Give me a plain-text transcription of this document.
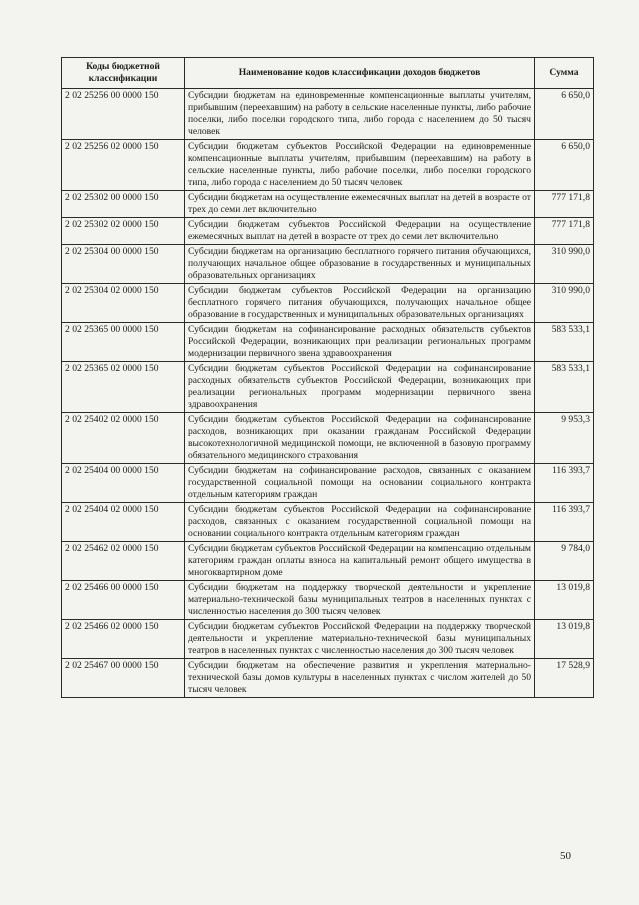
Коды бюджетной классификации	Наименование кодов классификации доходов бюджетов	Сумма
2 02 25256 00 0000 150	Субсидии бюджетам на единовременные компенсационные выплаты учителям, прибывшим (переехавшим) на работу в сельские населенные пункты, либо рабочие поселки, либо поселки городского типа, либо города с населением до 50 тысяч человек	6 650,0
2 02 25256 02 0000 150	Субсидии бюджетам субъектов Российской Федерации на единовременные компенсационные выплаты учителям, прибывшим (переехавшим) на работу в сельские населенные пункты, либо рабочие поселки, либо поселки городского типа, либо города с населением до 50 тысяч человек	6 650,0
2 02 25302 00 0000 150	Субсидии бюджетам на осуществление ежемесячных выплат на детей в возрасте от трех до семи лет включительно	777 171,8
2 02 25302 02 0000 150	Субсидии бюджетам субъектов Российской Федерации на осуществление ежемесячных выплат на детей в возрасте от трех до семи лет включительно	777 171,8
2 02 25304 00 0000 150	Субсидии бюджетам на организацию бесплатного горячего питания обучающихся, получающих начальное общее образование в государственных и муниципальных образовательных организациях	310 990,0
2 02 25304 02 0000 150	Субсидии бюджетам субъектов Российской Федерации на организацию бесплатного горячего питания обучающихся, получающих начальное общее образование в государственных и муниципальных образовательных организациях	310 990,0
2 02 25365 00 0000 150	Субсидии бюджетам на софинансирование расходных обязательств субъектов Российской Федерации, возникающих при реализации региональных программ модернизации первичного звена здравоохранения	583 533,1
2 02 25365 02 0000 150	Субсидии бюджетам субъектов Российской Федерации на софинансирование расходных обязательств субъектов Российской Федерации, возникающих при реализации региональных программ модернизации первичного звена здравоохранения	583 533,1
2 02 25402 02 0000 150	Субсидии бюджетам субъектов Российской Федерации на софинансирование расходов, возникающих при оказании гражданам Российской Федерации высокотехнологичной медицинской помощи, не включенной в базовую программу обязательного медицинского страхования	9 953,3
2 02 25404 00 0000 150	Субсидии бюджетам на софинансирование расходов, связанных с оказанием государственной социальной помощи на основании социального контракта отдельным категориям граждан	116 393,7
2 02 25404 02 0000 150	Субсидии бюджетам субъектов Российской Федерации на софинансирование расходов, связанных с оказанием государственной социальной помощи на основании социального контракта отдельным категориям граждан	116 393,7
2 02 25462 02 0000 150	Субсидии бюджетам субъектов Российской Федерации на компенсацию отдельным категориям граждан оплаты взноса на капитальный ремонт общего имущества в многоквартирном доме	9 784,0
2 02 25466 00 0000 150	Субсидии бюджетам на поддержку творческой деятельности и укрепление материально-технической базы муниципальных театров в населенных пунктах с численностью населения до 300 тысяч человек	13 019,8
2 02 25466 02 0000 150	Субсидии бюджетам субъектов Российской Федерации на поддержку творческой деятельности и укрепление материально-технической базы муниципальных театров в населенных пунктах с численностью населения до 300 тысяч человек	13 019,8
2 02 25467 00 0000 150	Субсидии бюджетам на обеспечение развития и укрепления материально-технической базы домов культуры в населенных пунктах с числом жителей до 50 тысяч человек	17 528,9
50
